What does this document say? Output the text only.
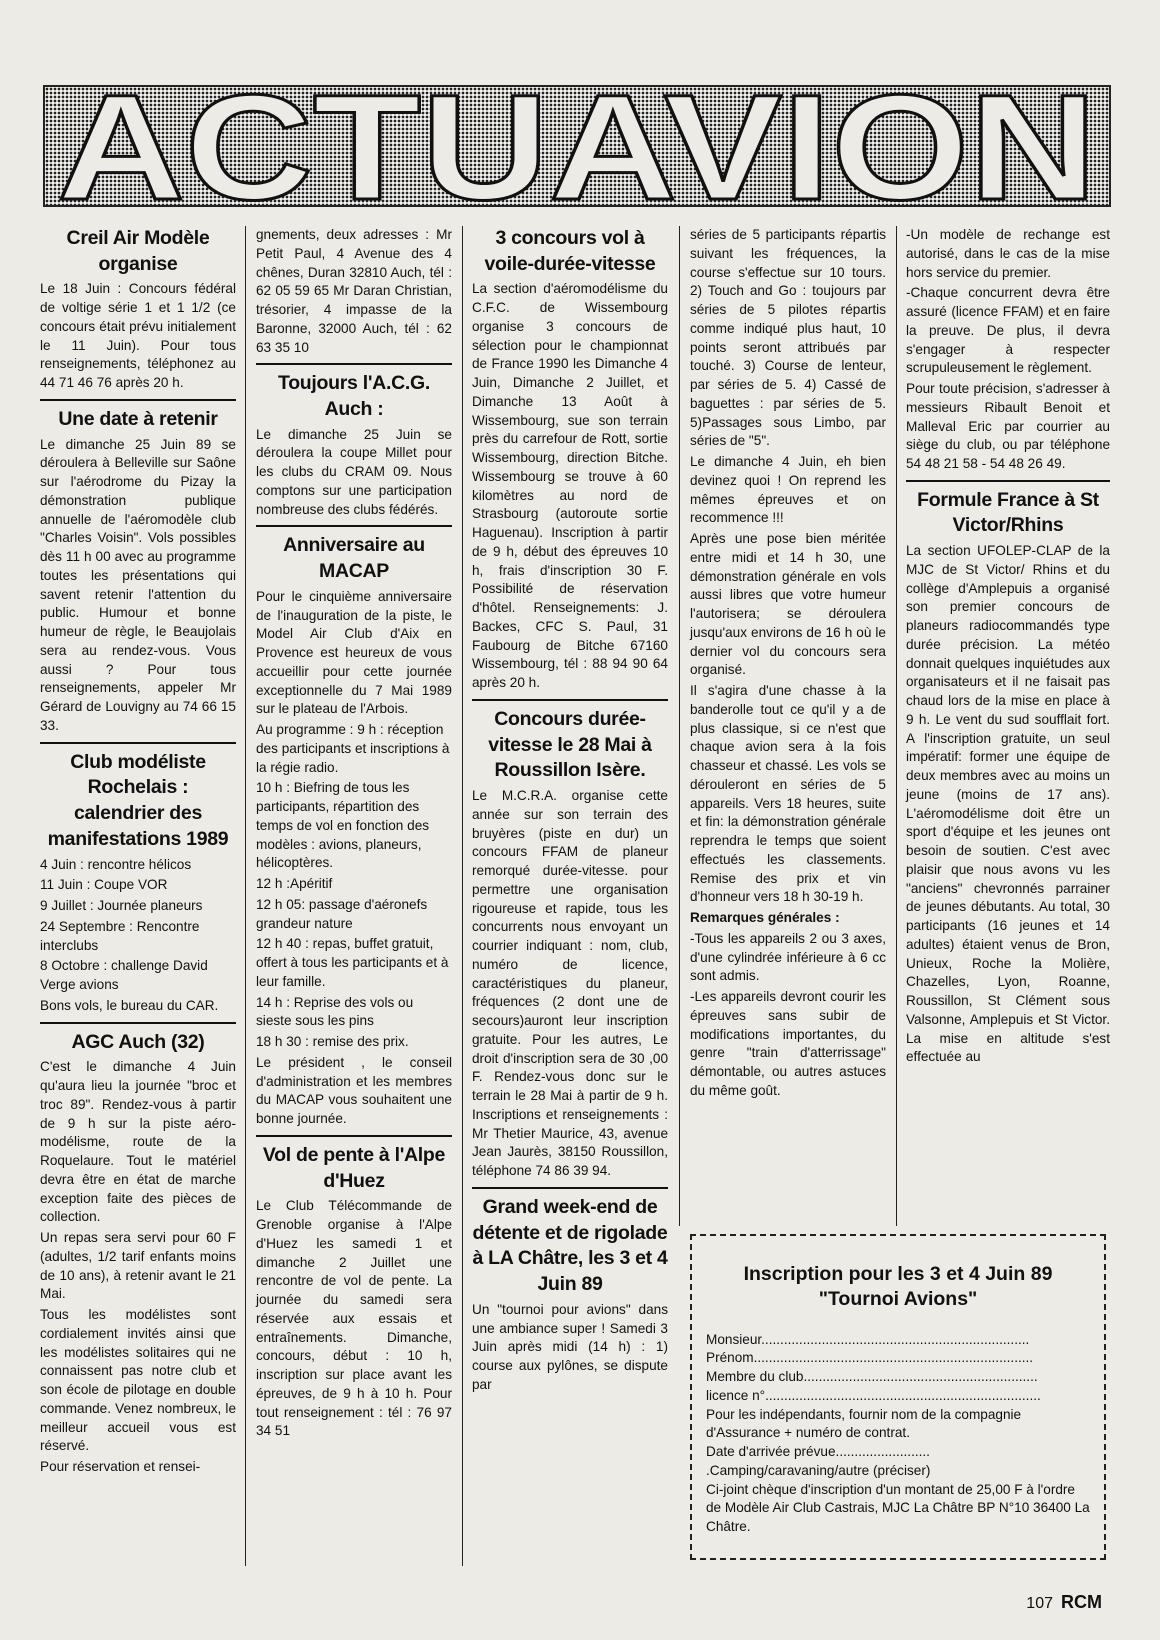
ACTUAVION
Creil Air Modèle organise

Le 18 Juin : Concours fédéral de voltige série 1 et 1 1/2 (ce concours était prévu initialement le 11 Juin). Pour tous renseignements, téléphonez au 44 71 46 76 après 20 h.

Une date à retenir

Le dimanche 25 Juin 89 se déroulera à Belleville sur Saône sur l'aérodrome du Pizay la démonstration publique annuelle de l'aéromodèle club "Charles Voisin". Vols possibles dès 11 h 00 avec au programme toutes les présentations qui savent retenir l'attention du public. Humour et bonne humeur de règle, le Beaujolais sera au rendez-vous. Vous aussi ? Pour tous renseignements, appeler Mr Gérard de Louvigny au 74 66 15 33.

Club modéliste Rochelais : calendrier des manifestations 1989

4 Juin : rencontre hélicos

11 Juin : Coupe VOR

9 Juillet : Journée planeurs

24 Septembre : Rencontre interclubs

8 Octobre : challenge David Verge avions

Bons vols, le bureau du CAR.

AGC Auch (32)

C'est le dimanche 4 Juin qu'aura lieu la journée "broc et troc 89". Rendez-vous à partir de 9 h sur la piste aéro-modélisme, route de la Roquelaure. Tout le matériel devra être en état de marche exception faite des pièces de collection.

Un repas sera servi pour 60 F (adultes, 1/2 tarif enfants moins de 10 ans), à retenir avant le 21 Mai.

Tous les modélistes sont cordialement invités ainsi que les modélistes solitaires qui ne connaissent pas notre club et son école de pilotage en double commande. Venez nombreux, le meilleur accueil vous est réservé.

Pour réservation et rensei-

gnements, deux adresses : Mr Petit Paul, 4 Avenue des 4 chênes, Duran 32810 Auch, tél : 62 05 59 65 Mr Daran Christian, trésorier, 4 impasse de la Baronne, 32000 Auch, tél : 62 63 35 10

Toujours l'A.C.G. Auch :

Le dimanche 25 Juin se déroulera la coupe Millet pour les clubs du CRAM 09. Nous comptons sur une participation nombreuse des clubs fédérés.

Anniversaire au MACAP

Pour le cinquième anniversaire de l'inauguration de la piste, le Model Air Club d'Aix en Provence est heureux de vous accueillir pour cette journée exceptionnelle du 7 Mai 1989 sur le plateau de l'Arbois.

Au programme : 9 h : réception des participants et inscriptions à la régie radio.

10 h : Biefring de tous les participants, répartition des temps de vol en fonction des modèles : avions, planeurs, hélicoptères.

12 h :Apéritif

12 h 05: passage d'aéronefs grandeur nature

12 h 40 : repas, buffet gratuit, offert à tous les participants et à leur famille.

14 h : Reprise des vols ou sieste sous les pins

18 h 30 : remise des prix.

Le président , le conseil d'administration et les membres du MACAP vous souhaitent une bonne journée.

Vol de pente à l'Alpe d'Huez

Le Club Télécommande de Grenoble organise à l'Alpe d'Huez les samedi 1 et dimanche 2 Juillet une rencontre de vol de pente. La journée du samedi sera réservée aux essais et entraînements. Dimanche, concours, début : 10 h, inscription sur place avant les épreuves, de 9 h à 10 h. Pour tout renseignement : tél : 76 97 34 51

3 concours vol à voile-durée-vitesse

La section d'aéromodélisme du C.F.C. de Wissembourg organise 3 concours de sélection pour le championnat de France 1990 les Dimanche 4 Juin, Dimanche 2 Juillet, et Dimanche 13 Août à Wissembourg, sue son terrain près du carrefour de Rott, sortie Wissembourg, direction Bitche. Wissembourg se trouve à 60 kilomètres au nord de Strasbourg (autoroute sortie Haguenau). Inscription à partir de 9 h, début des épreuves 10 h, frais d'inscription 30 F. Possibilité de réservation d'hôtel. Renseignements: J. Backes, CFC S. Paul, 31 Faubourg de Bitche 67160 Wissembourg, tél : 88 94 90 64 après 20 h.

Concours durée-vitesse le 28 Mai à Roussillon Isère.

Le M.C.R.A. organise cette année sur son terrain des bruyères (piste en dur) un concours FFAM de planeur remorqué durée-vitesse. pour permettre une organisation rigoureuse et rapide, tous les concurrents nous envoyant un courrier indiquant : nom, club, numéro de licence, caractéristiques du planeur, fréquences (2 dont une de secours)auront leur inscription gratuite. Pour les autres, Le droit d'inscription sera de 30 ,00 F. Rendez-vous donc sur le terrain le 28 Mai à partir de 9 h. Inscriptions et renseignements : Mr Thetier Maurice, 43, avenue Jean Jaurès, 38150 Roussillon, téléphone 74 86 39 94.

Grand week-end de détente et de rigolade à LA Châtre, les 3 et 4 Juin 89

Un "tournoi pour avions" dans une ambiance super ! Samedi 3 Juin après midi (14 h) : 1) course aux pylônes, se dispute par

séries de 5 participants répartis suivant les fréquences, la course s'effectue sur 10 tours. 2) Touch and Go : toujours par séries de 5 pilotes répartis comme indiqué plus haut, 10 points seront attribués par touché. 3) Course de lenteur, par séries de 5. 4) Cassé de baguettes : par séries de 5. 5)Passages sous Limbo, par séries de "5".

Le dimanche 4 Juin, eh bien devinez quoi ! On reprend les mêmes épreuves et on recommence !!!

Après une pose bien méritée entre midi et 14 h 30, une démonstration générale en vols aussi libres que votre humeur l'autorisera; se déroulera jusqu'aux environs de 16 h où le dernier vol du concours sera organisé.

Il s'agira d'une chasse à la banderolle tout ce qu'il y a de plus classique, si ce n'est que chaque avion sera à la fois chasseur et chassé. Les vols se dérouleront en séries de 5 appareils. Vers 18 heures, suite et fin: la démonstration générale reprendra le temps que soient effectués les classements. Remise des prix et vin d'honneur vers 18 h 30-19 h.

Remarques générales :

-Tous les appareils 2 ou 3 axes, d'une cylindrée inférieure à 6 cc sont admis.

-Les appareils devront courir les épreuves sans subir de modifications importantes, du genre "train d'atterrissage" démontable, ou autres astuces du même goût.

-Un modèle de rechange est autorisé, dans le cas de la mise hors service du premier.

-Chaque concurrent devra être assuré (licence FFAM) et en faire la preuve. De plus, il devra s'engager à respecter scrupuleusement le règlement.

Pour toute précision, s'adresser à messieurs Ribault Benoit et Malleval Eric par courrier au siège du club, ou par téléphone 54 48 21 58 - 54 48 26 49.

Formule France à St Victor/Rhins

La section UFOLEP-CLAP de la MJC de St Victor/ Rhins et du collège d'Amplepuis a organisé son premier concours de planeurs radiocommandés type durée précision. La météo donnait quelques inquiétudes aux organisateurs et il ne faisait pas chaud lors de la mise en place à 9 h. Le vent du sud soufflait fort. A l'inscription gratuite, un seul impératif: former une équipe de deux membres avec au moins un jeune (moins de 17 ans). L'aéromodélisme doit être un sport d'équipe et les jeunes ont besoin de soutien. C'est avec plaisir que nous avons vu les "anciens" chevronnés parrainer de jeunes débutants. Au total, 30 participants (16 jeunes et 14 adultes) étaient venus de Bron, Unieux, Roche la Molière, Chazelles, Lyon, Roanne, Roussillon, St Clément sous Valsonne, Amplepuis et St Victor. La mise en altitude s'est effectuée au

Inscription pour les 3 et 4 Juin 89 "Tournoi Avions"

Monsieur.......................................................................

Prénom..........................................................................

Membre du club..............................................................

licence n°.........................................................................

Pour les indépendants, fournir nom de la compagnie d'Assurance + numéro de contrat.

Date d'arrivée prévue.........................

.Camping/caravaning/autre (préciser)

Ci-joint chèque d'inscription d'un montant de 25,00 F à l'ordre de Modèle Air Club Castrais, MJC La Châtre BP N°10 36400 La Châtre.

107 RCM
